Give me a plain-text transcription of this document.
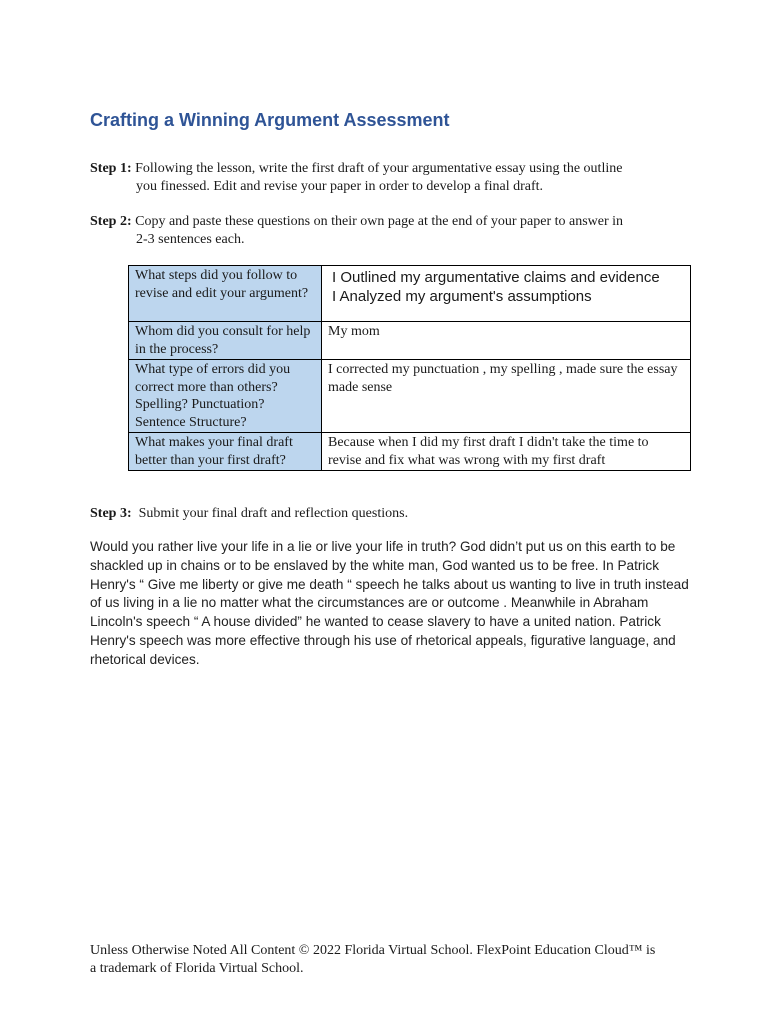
Crafting a Winning Argument Assessment
Step 1: Following the lesson, write the first draft of your argumentative essay using the outline
you finessed. Edit and revise your paper in order to develop a final draft.
Step 2: Copy and paste these questions on their own page at the end of your paper to answer in
2-3 sentences each.
What steps did you follow to revise and edit your argument?	I Outlined my argumentative claims and evidence
I Analyzed my argument's assumptions

Whom did you consult for help in the process?	My mom
What type of errors did you correct more than others? Spelling? Punctuation? Sentence Structure?	I corrected my punctuation , my spelling , made sure the essay made sense
What makes your final draft better than your first draft?	Because when I did my first draft I didn't take the time to revise and fix what was wrong with my first draft
Step 3: Submit your final draft and reflection questions.

Would you rather live your life in a lie or live your life in truth? God didn’t put us on this earth to be shackled up in chains or to be enslaved by the white man, God wanted us to be free. In Patrick Henry's “ Give me liberty or give me death “ speech he talks about us wanting to live in truth instead of us living in a lie no matter what the circumstances are or outcome . Meanwhile in Abraham Lincoln's speech “ A house divided” he wanted to cease slavery to have a united nation. Patrick Henry's speech was more effective through his use of rhetorical appeals, figurative language, and rhetorical devices.

Unless Otherwise Noted All Content © 2022 Florida Virtual School. FlexPoint Education Cloud™ is a trademark of Florida Virtual School.
